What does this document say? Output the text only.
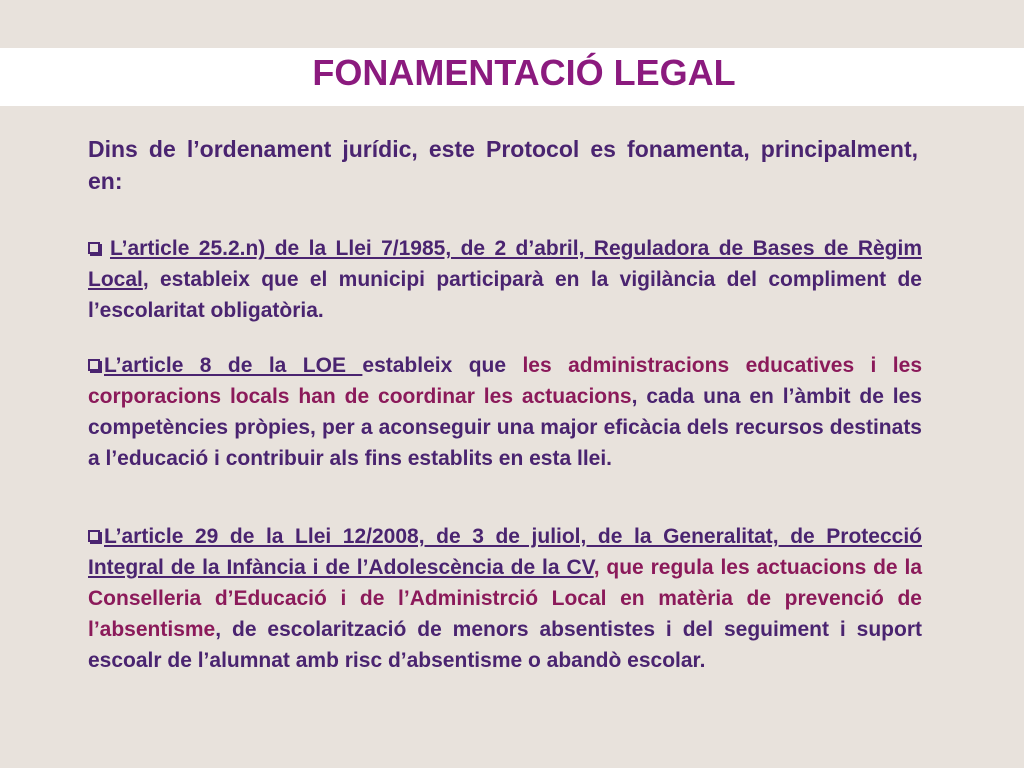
FONAMENTACIÓ LEGAL
Dins de l’ordenament jurídic, este Protocol es fonamenta, principalment, en:
L’article 25.2.n) de la Llei 7/1985, de 2 d’abril, Reguladora de Bases de Règim Local, estableix que el municipi participarà en la vigilància del compliment de l’escolaritat obligatòria.
L’article 8 de la LOE estableix que les administracions educatives i les corporacions locals han de coordinar les actuacions, cada una en l’àmbit de les competències pròpies, per a aconseguir una major eficàcia dels recursos destinats a l’educació i contribuir als fins establits en esta llei.
L’article 29 de la Llei 12/2008, de 3 de juliol, de la Generalitat, de Protecció Integral de la Infància i de l’Adolescència de la CV, que regula les actuacions de la Conselleria d’Educació i de l’Administrció Local en matèria de prevenció de l’absentisme, de escolarització de menors absentistes i del seguiment i suport escoalr de l’alumnat amb risc d’absentisme o abandò escolar.
